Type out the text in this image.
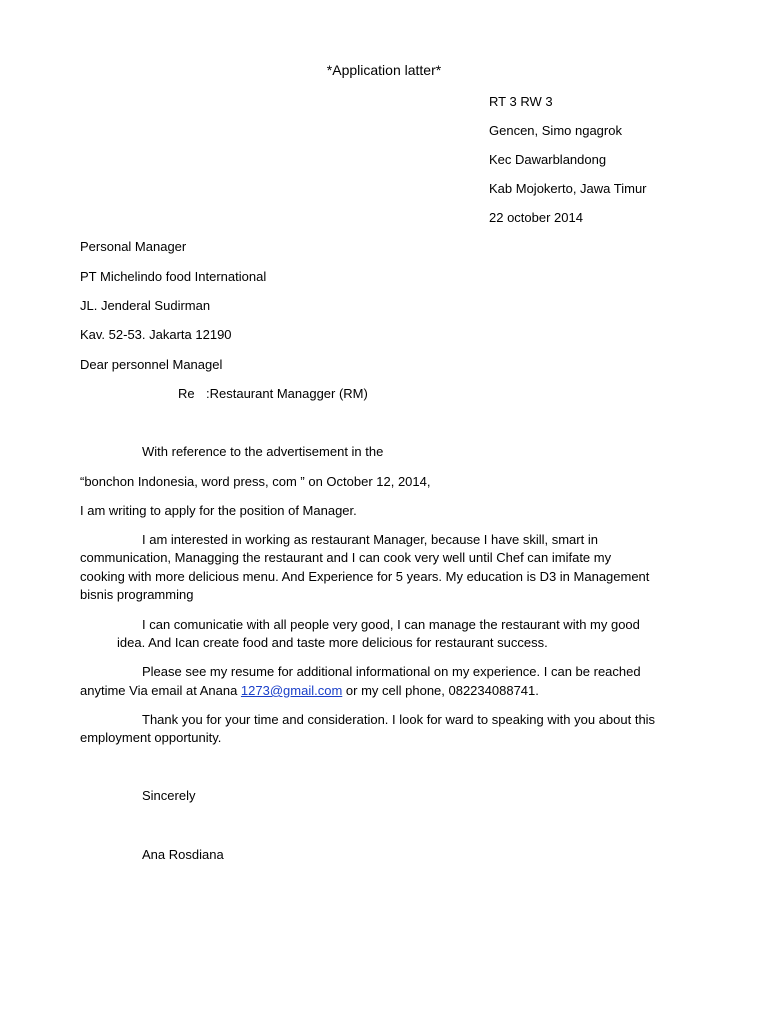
*Application latter*
RT 3 RW 3
Gencen, Simo ngagrok
Kec Dawarblandong
Kab Mojokerto, Jawa Timur
22 october 2014
Personal Manager
PT Michelindo food International
JL. Jenderal Sudirman
Kav. 52-53. Jakarta 12190
Dear personnel Managel
Re :Restaurant Managger (RM)
With reference to the advertisement in the
“bonchon Indonesia, word press, com ” on October 12, 2014,
I am writing to apply for the position of Manager.
I am interested in working as restaurant Manager, because I have skill, smart in
communication, Managging the restaurant and I can cook very well until Chef can imifate my
cooking with more delicious menu. And Experience for 5 years. My education is D3 in Management
bisnis programming
I can comunicatie with all people very good, I can manage the restaurant with my good
idea. And Ican create food and taste more delicious for restaurant success.
Please see my resume for additional informational on my experience. I can be reached
anytime Via email at Anana 1273@gmail.com or my cell phone, 082234088741.
Thank you for your time and consideration. I look for ward to speaking with you about this
employment opportunity.
Sincerely
Ana Rosdiana
